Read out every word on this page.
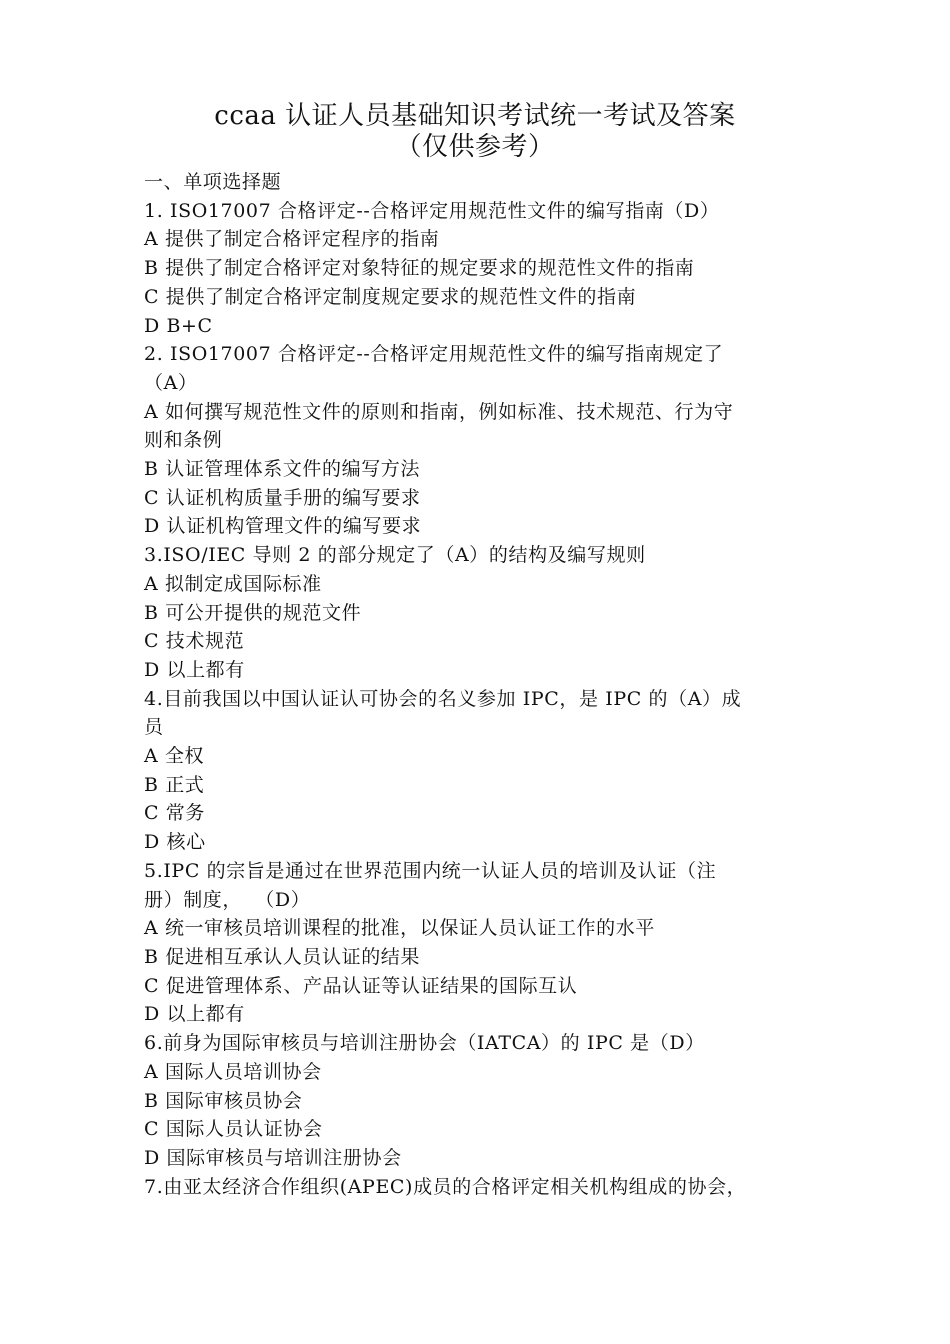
ccaa 认证人员基础知识考试统一考试及答案
（仅供参考）
一、单项选择题
1. ISO17007 合格评定--合格评定用规范性文件的编写指南（D）
A 提供了制定合格评定程序的指南
B 提供了制定合格评定对象特征的规定要求的规范性文件的指南
C 提供了制定合格评定制度规定要求的规范性文件的指南
D B+C
2. ISO17007 合格评定--合格评定用规范性文件的编写指南规定了
（A）
A 如何撰写规范性文件的原则和指南，例如标准、技术规范、行为守
则和条例
B 认证管理体系文件的编写方法
C 认证机构质量手册的编写要求
D 认证机构管理文件的编写要求
3.ISO/IEC 导则 2 的部分规定了（A）的结构及编写规则
A 拟制定成国际标准
B 可公开提供的规范文件
C 技术规范
D 以上都有
4.目前我国以中国认证认可协会的名义参加 IPC，是 IPC 的（A）成
员
A 全权
B 正式
C 常务
D 核心
5.IPC 的宗旨是通过在世界范围内统一认证人员的培训及认证（注
册）制度，  （D）
A 统一审核员培训课程的批准，以保证人员认证工作的水平
B 促进相互承认人员认证的结果
C 促进管理体系、产品认证等认证结果的国际互认
D 以上都有
6.前身为国际审核员与培训注册协会（IATCA）的 IPC 是（D）
A 国际人员培训协会
B 国际审核员协会
C 国际人员认证协会
D 国际审核员与培训注册协会
7.由亚太经济合作组织(APEC)成员的合格评定相关机构组成的协会，
